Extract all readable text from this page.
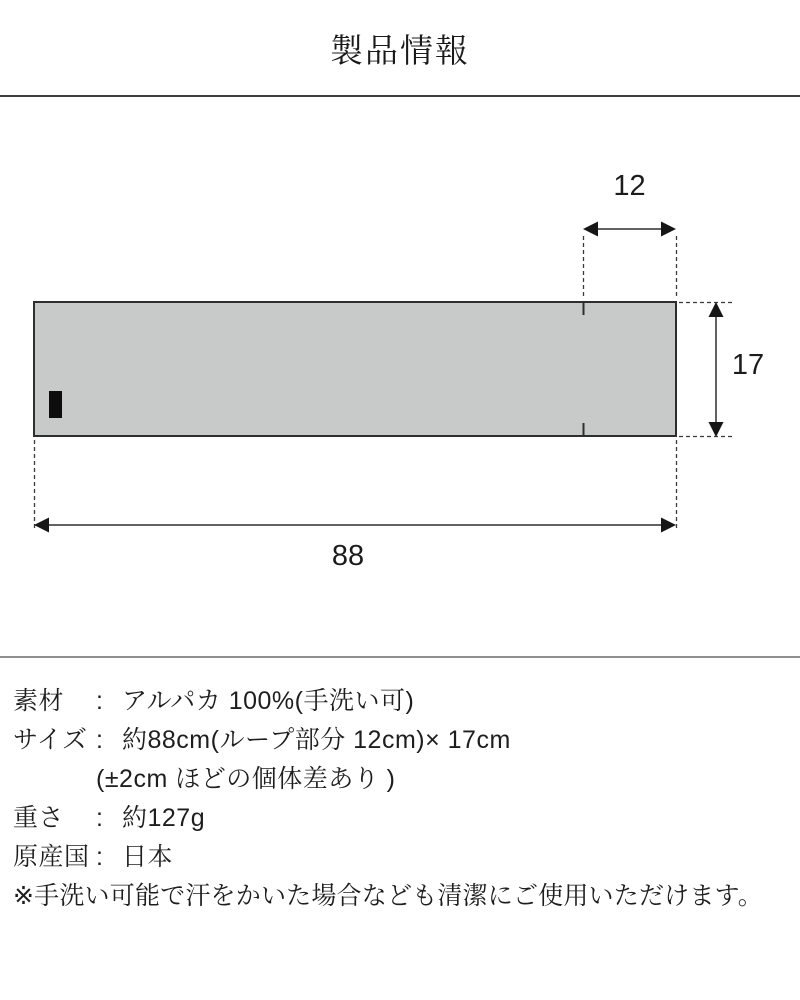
製品情報
12
17
88
素材	: アルパカ 100%(手洗い可)
サイズ : 約88cm(ループ部分 12cm)× 17cm
(±2cm ほどの個体差あり )
重さ	: 約127g
原産国 : 日本
※手洗い可能で汗をかいた場合なども清潔にご使用いただけます。
